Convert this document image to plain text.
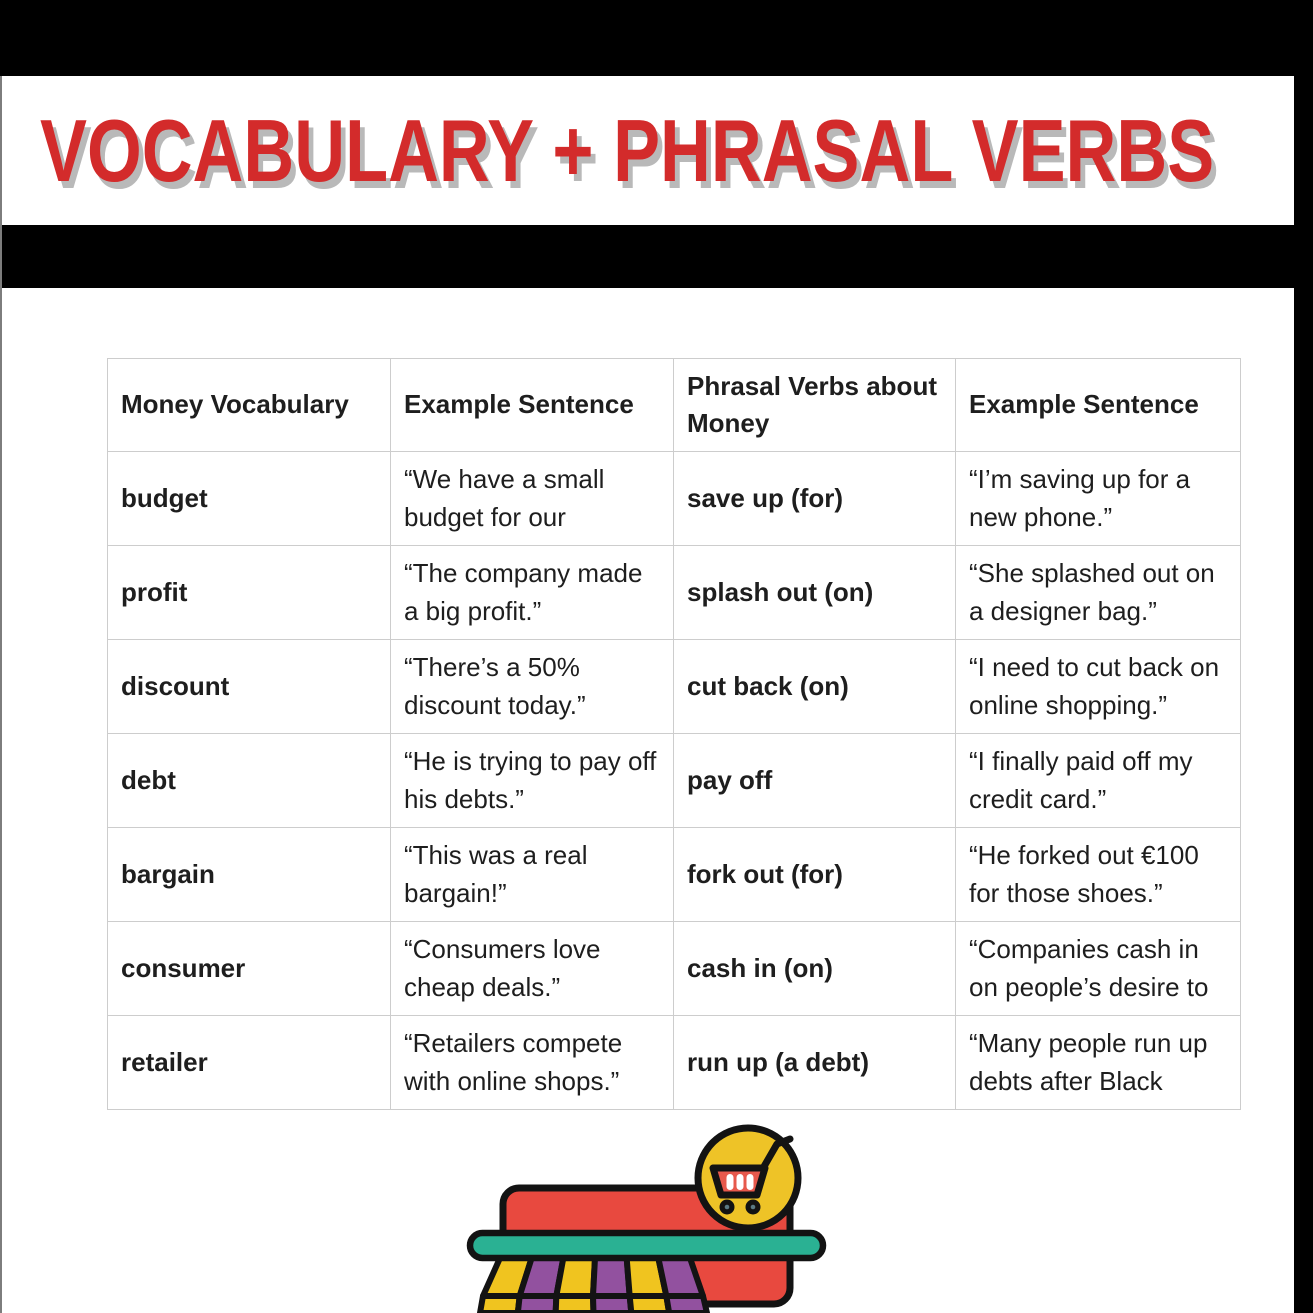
VOCABULARY + PHRASAL VERBS
Money Vocabulary	Example Sentence	Phrasal Verbs about Money	Example Sentence
budget	“We have a small budget for our	save up (for)	“I’m saving up for a new phone.”
profit	“The company made a big profit.”	splash out (on)	“She splashed out on a designer bag.”
discount	“There’s a 50% discount today.”	cut back (on)	“I need to cut back on online shopping.”
debt	“He is trying to pay off his debts.”	pay off	“I finally paid off my credit card.”
bargain	“This was a real bargain!”	fork out (for)	“He forked out €100 for those shoes.”
consumer	“Consumers love cheap deals.”	cash in (on)	“Companies cash in on people’s desire to
retailer	“Retailers compete with online shops.”	run up (a debt)	“Many people run up debts after Black
